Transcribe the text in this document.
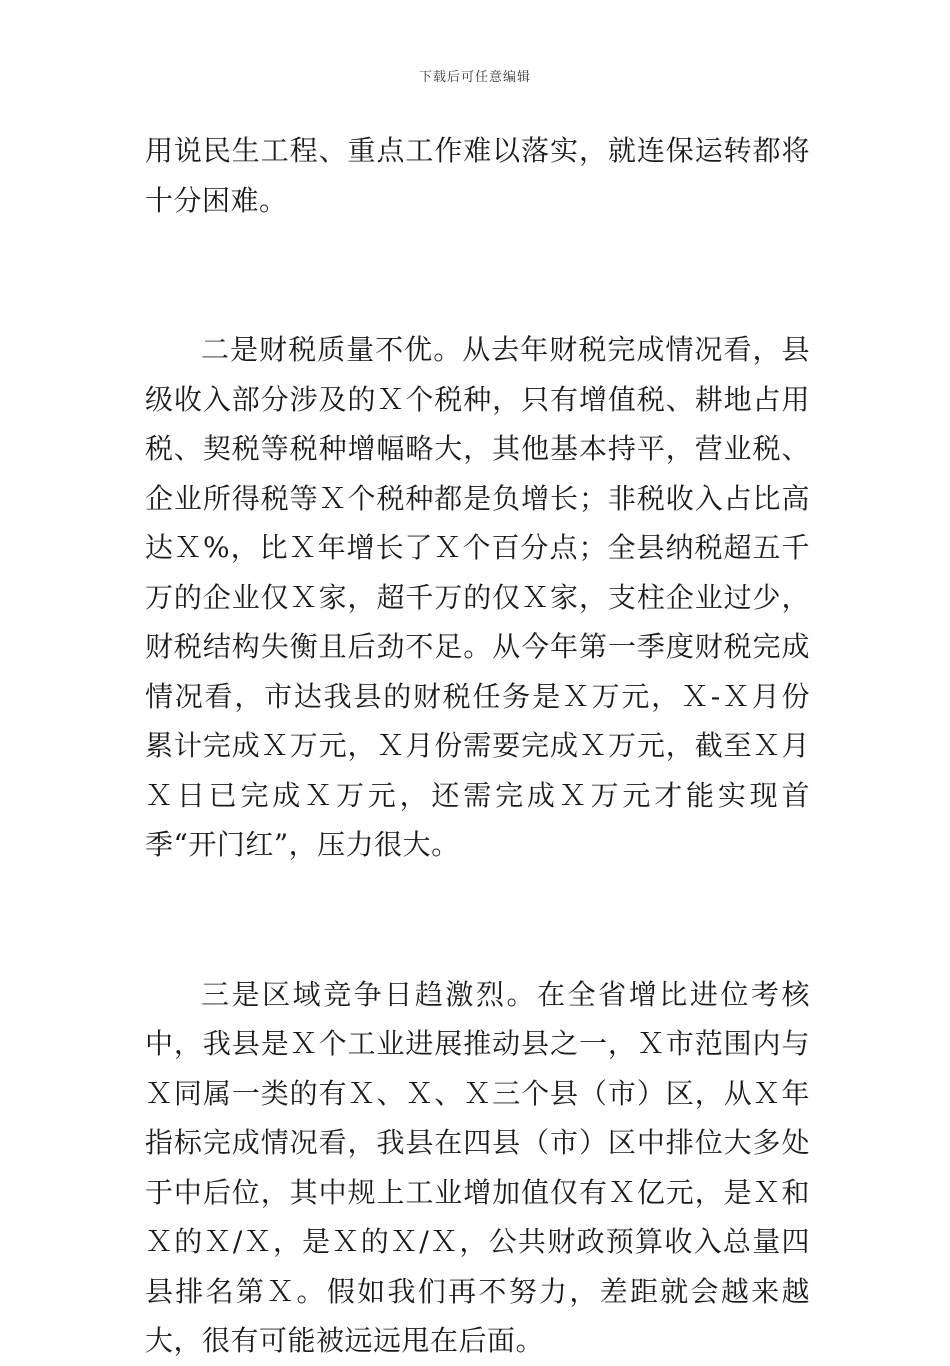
下载后可任意编辑

用说民生工程、重点工作难以落实，就连保运转都将十分困难。

二是财税质量不优。从去年财税完成情况看，县级收入部分涉及的Ｘ个税种，只有增值税、耕地占用税、契税等税种增幅略大，其他基本持平，营业税、企业所得税等Ｘ个税种都是负增长；非税收入占比高达Ｘ%，比Ｘ年增长了Ｘ个百分点；全县纳税超五千万的企业仅Ｘ家，超千万的仅Ｘ家，支柱企业过少，财税结构失衡且后劲不足。从今年第一季度财税完成情况看，市达我县的财税任务是Ｘ万元，Ｘ-Ｘ月份累计完成Ｘ万元，Ｘ月份需要完成Ｘ万元，截至Ｘ月Ｘ日已完成Ｘ万元，还需完成Ｘ万元才能实现首季“开门红”，压力很大。

三是区域竞争日趋激烈。在全省增比进位考核中，我县是Ｘ个工业进展推动县之一，Ｘ市范围内与Ｘ同属一类的有Ｘ、Ｘ、Ｘ三个县（市）区，从Ｘ年指标完成情况看，我县在四县（市）区中排位大多处于中后位，其中规上工业增加值仅有Ｘ亿元，是Ｘ和Ｘ的Ｘ/Ｘ，是Ｘ的Ｘ/Ｘ，公共财政预算收入总量四县排名第Ｘ。假如我们再不努力，差距就会越来越大，很有可能被远远甩在后面。
